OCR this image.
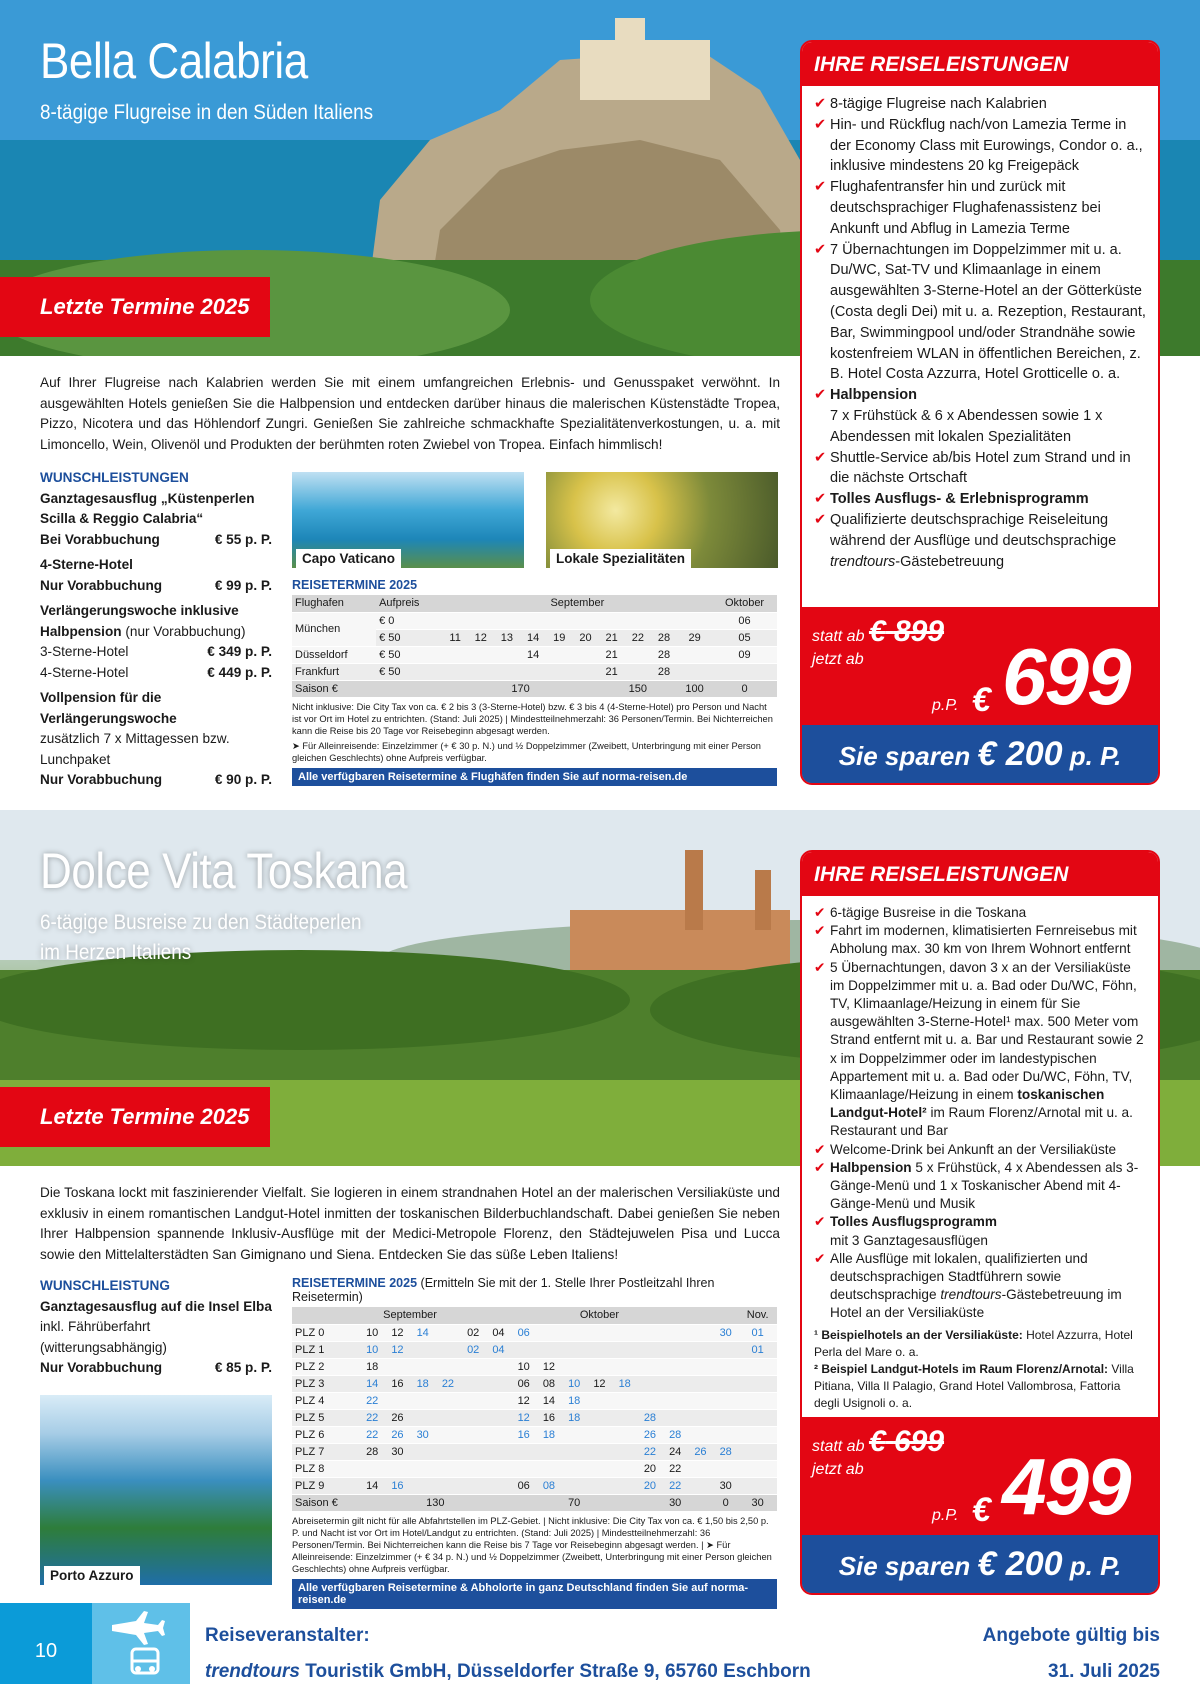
Bella Calabria
8-tägige Flugreise in den Süden Italiens
Letzte Termine 2025
Auf Ihrer Flugreise nach Kalabrien werden Sie mit einem umfangreichen Erlebnis- und Genusspaket verwöhnt. In ausgewählten Hotels genießen Sie die Halbpension und entdecken darüber hinaus die malerischen Küstenstädte Tropea, Pizzo, Nicotera und das Höhlendorf Zungri. Genießen Sie zahlreiche schmackhafte Spezialitätenverkostungen, u. a. mit Limoncello, Wein, Olivenöl und Produkten der berühmten roten Zwiebel von Tropea. Einfach himmlisch!
WUNSCHLEISTUNGEN
Ganztagesausflug „Küstenperlen Scilla & Reggio Calabria“
Bei Vorabbuchung	€ 55 p. P.
4-Sterne-Hotel
Nur Vorabbuchung	€ 99 p. P.
Verlängerungswoche inklusive Halbpension (nur Vorabbuchung)
3-Sterne-Hotel	€ 349 p. P.
4-Sterne-Hotel	€ 449 p. P.
Vollpension für die Verlängerungswoche
zusätzlich 7 x Mittagessen bzw. Lunchpaket
Nur Vorabbuchung	€ 90 p. P.
Capo Vaticano	Lokale Spezialitäten
REISETERMINE 2025
Flughafen	Aufpreis	September										Oktober
München	€ 0											06
	€ 50	11	12	13	14	19	20	21	22	28	29	05
Düsseldorf	€ 50				14			21		28		09
Frankfurt	€ 50							21		28		
Saison €		170						150			100	0
Nicht inklusive: Die City Tax von ca. € 2 bis 3 (3-Sterne-Hotel) bzw. € 3 bis 4 (4-Sterne-Hotel) pro Person und Nacht ist vor Ort im Hotel zu entrichten. (Stand: Juli 2025) | Mindestteilnehmerzahl: 36 Personen/Termin. Bei Nichterreichen kann die Reise bis 20 Tage vor Reisebeginn abgesagt werden.
➤ Für Alleinreisende: Einzelzimmer (+ € 30 p. N.) und ½ Doppelzimmer (Zweibett, Unterbringung mit einer Person gleichen Geschlechts) ohne Aufpreis verfügbar.
Alle verfügbaren Reisetermine & Flughäfen finden Sie auf norma-reisen.de
IHRE REISELEISTUNGEN
✔ 8-tägige Flugreise nach Kalabrien
✔ Hin- und Rückflug nach/von Lamezia Terme in der Economy Class mit Eurowings, Condor o. a., inklusive mindestens 20 kg Freigepäck
✔ Flughafentransfer hin und zurück mit deutschsprachiger Flughafenassistenz bei Ankunft und Abflug in Lamezia Terme
✔ 7 Übernachtungen im Doppelzimmer mit u. a. Du/WC, Sat-TV und Klimaanlage in einem ausgewählten 3-Sterne-Hotel an der Götterküste (Costa degli Dei) mit u. a. Rezeption, Restaurant, Bar, Swimmingpool und/oder Strandnähe sowie kostenfreiem WLAN in öffentlichen Bereichen, z. B. Hotel Costa Azzurra, Hotel Grotticelle o. a.
✔ Halbpension
7 x Frühstück & 6 x Abendessen sowie 1 x Abendessen mit lokalen Spezialitäten
✔ Shuttle-Service ab/bis Hotel zum Strand und in die nächste Ortschaft
✔ Tolles Ausflugs- & Erlebnisprogramm
✔ Qualifizierte deutschsprachige Reiseleitung während der Ausflüge und deutschsprachige trendtours-Gästebetreuung
statt ab € 899
jetzt ab
p.P. € 699
Sie sparen € 200 p. P.
Dolce Vita Toskana
6-tägige Busreise zu den Städteperlen
im Herzen Italiens
Letzte Termine 2025
Die Toskana lockt mit faszinierender Vielfalt. Sie logieren in einem strandnahen Hotel an der malerischen Versiliaküste und exklusiv in einem romantischen Landgut-Hotel inmitten der toskanischen Bilderbuchlandschaft. Dabei genießen Sie neben Ihrer Halbpension spannende Inklusiv-Ausflüge mit der Medici-Metropole Florenz, den Städtejuwelen Pisa und Lucca sowie den Mittelalterstädten San Gimignano und Siena. Entdecken Sie das süße Leben Italiens!
WUNSCHLEISTUNG
Ganztagesausflug auf die Insel Elba inkl. Fährüberfahrt (witterungsabhängig)
Nur Vorabbuchung	€ 85 p. P.
Porto Azzuro
REISETERMINE 2025 (Ermitteln Sie mit der 1. Stelle Ihrer Postleitzahl Ihren Reisetermin)
	September				Oktober											Nov.
PLZ 0	10	12	14		02	04	06								30	01
PLZ 1	10	12			02	04										01
PLZ 2	18						10	12								
PLZ 3	14	16	18	22			06	08	10	12	18					
PLZ 4	22						12	14	18							
PLZ 5	22	26					12	16	18			28				
PLZ 6	22	26	30				16	18				26	28			
PLZ 7	28	30										22	24	26	28	
PLZ 8												20	22			
PLZ 9	14	16					06	08				20	22		30	
Saison €	130						70					30			0	30
Abreisetermin gilt nicht für alle Abfahrtstellen im PLZ-Gebiet. | Nicht inklusive: Die City Tax von ca. € 1,50 bis 2,50 p. P. und Nacht ist vor Ort im Hotel/Landgut zu entrichten. (Stand: Juli 2025) | Mindestteilnehmerzahl: 36 Personen/Termin. Bei Nichterreichen kann die Reise bis 7 Tage vor Reisebeginn abgesagt werden. | ➤ Für Alleinreisende: Einzelzimmer (+ € 34 p. N.) und ½ Doppelzimmer (Zweibett, Unterbringung mit einer Person gleichen Geschlechts) ohne Aufpreis verfügbar.
Alle verfügbaren Reisetermine & Abholorte in ganz Deutschland finden Sie auf norma-reisen.de
IHRE REISELEISTUNGEN
✔ 6-tägige Busreise in die Toskana
✔ Fahrt im modernen, klimatisierten Fernreisebus mit Abholung max. 30 km von Ihrem Wohnort entfernt
✔ 5 Übernachtungen, davon 3 x an der Versiliaküste im Doppelzimmer mit u. a. Bad oder Du/WC, Föhn, TV, Klimaanlage/Heizung in einem für Sie ausgewählten 3-Sterne-Hotel¹ max. 500 Meter vom Strand entfernt mit u. a. Bar und Restaurant sowie 2 x im Doppelzimmer oder im landestypischen Appartement mit u. a. Bad oder Du/WC, Föhn, TV, Klimaanlage/Heizung in einem toskanischen Landgut-Hotel² im Raum Florenz/Arnotal mit u. a. Restaurant und Bar
✔ Welcome-Drink bei Ankunft an der Versiliaküste
✔ Halbpension 5 x Frühstück, 4 x Abendessen als 3-Gänge-Menü und 1 x Toskanischer Abend mit 4-Gänge-Menü und Musik
✔ Tolles Ausflugsprogramm
mit 3 Ganztagesausflügen
✔ Alle Ausflüge mit lokalen, qualifizierten und deutschsprachigen Stadtführern sowie deutschsprachige trendtours-Gästebetreuung im Hotel an der Versiliaküste
¹ Beispielhotels an der Versiliaküste: Hotel Azzurra, Hotel Perla del Mare o. a.
² Beispiel Landgut-Hotels im Raum Florenz/Arnotal: Villa Pitiana, Villa Il Palagio, Grand Hotel Vallombrosa, Fattoria degli Usignoli o. a.
statt ab € 699
jetzt ab
p.P. € 499
Sie sparen € 200 p. P.
10
Reiseveranstalter:
trendtours Touristik GmbH, Düsseldorfer Straße 9, 65760 Eschborn
Angebote gültig bis
31. Juli 2025
